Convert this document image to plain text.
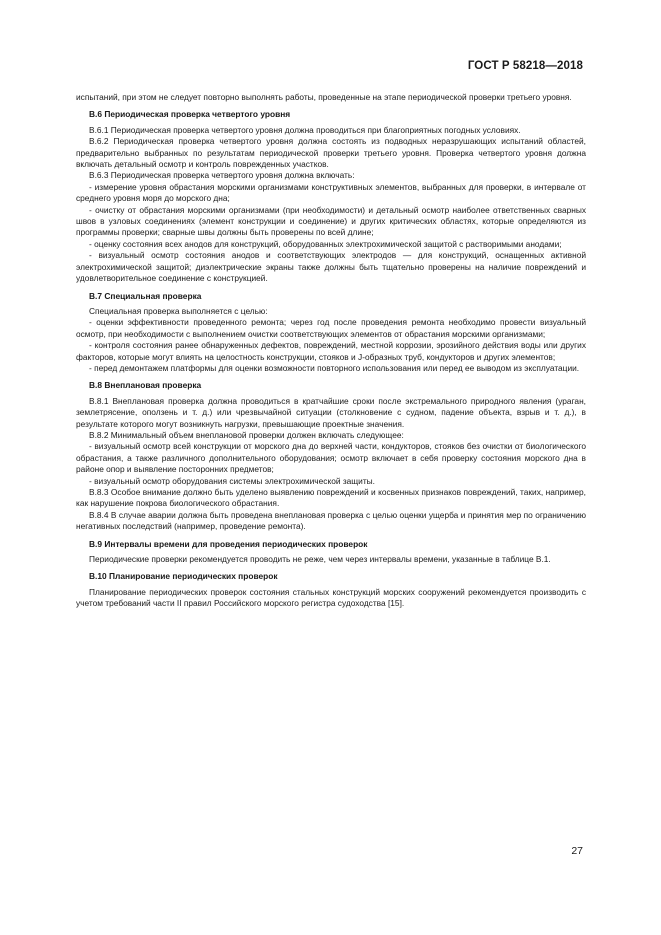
ГОСТ Р 58218—2018

испытаний, при этом не следует повторно выполнять работы, проведенные на этапе периодической проверки третьего уровня.

В.6 Периодическая проверка четвертого уровня

В.6.1 Периодическая проверка четвертого уровня должна проводиться при благоприятных погодных условиях.

В.6.2 Периодическая проверка четвертого уровня должна состоять из подводных неразрушающих испытаний областей, предварительно выбранных по результатам периодической проверки третьего уровня. Проверка четвертого уровня должна включать детальный осмотр и контроль поврежденных участков.

В.6.3 Периодическая проверка четвертого уровня должна включать:

- измерение уровня обрастания морскими организмами конструктивных элементов, выбранных для проверки, в интервале от среднего уровня моря до морского дна;

- очистку от обрастания морскими организмами (при необходимости) и детальный осмотр наиболее ответственных сварных швов в узловых соединениях (элемент конструкции и соединение) и других критических областях, которые определяются из программы проверки; сварные швы должны быть проверены по всей длине;

- оценку состояния всех анодов для конструкций, оборудованных электрохимической защитой с растворимыми анодами;

- визуальный осмотр состояния анодов и соответствующих электродов — для конструкций, оснащенных активной электрохимической защитой; диэлектрические экраны также должны быть тщательно проверены на наличие повреждений и удовлетворительное соединение с конструкцией.

В.7 Специальная проверка

Специальная проверка выполняется с целью:

- оценки эффективности проведенного ремонта; через год после проведения ремонта необходимо провести визуальный осмотр, при необходимости с выполнением очистки соответствующих элементов от обрастания морскими организмами;

- контроля состояния ранее обнаруженных дефектов, повреждений, местной коррозии, эрозийного действия воды или других факторов, которые могут влиять на целостность конструкции, стояков и J-образных труб, кондукторов и других элементов;

- перед демонтажем платформы для оценки возможности повторного использования или перед ее выводом из эксплуатации.

В.8 Внеплановая проверка

В.8.1 Внеплановая проверка должна проводиться в кратчайшие сроки после экстремального природного явления (ураган, землетрясение, оползень и т. д.) или чрезвычайной ситуации (столкновение с судном, падение объекта, взрыв и т. д.), в результате которого могут возникнуть нагрузки, превышающие проектные значения.

В.8.2 Минимальный объем внеплановой проверки должен включать следующее:

- визуальный осмотр всей конструкции от морского дна до верхней части, кондукторов, стояков без очистки от биологического обрастания, а также различного дополнительного оборудования; осмотр включает в себя проверку состояния морского дна в районе опор и выявление посторонних предметов;

- визуальный осмотр оборудования системы электрохимической защиты.

В.8.3 Особое внимание должно быть уделено выявлению повреждений и косвенных признаков повреждений, таких, например, как нарушение покрова биологического обрастания.

В.8.4 В случае аварии должна быть проведена внеплановая проверка с целью оценки ущерба и принятия мер по ограничению негативных последствий (например, проведение ремонта).

В.9 Интервалы времени для проведения периодических проверок

Периодические проверки рекомендуется проводить не реже, чем через интервалы времени, указанные в таблице В.1.

В.10 Планирование периодических проверок

Планирование периодических проверок состояния стальных конструкций морских сооружений рекомендуется производить с учетом требований части II правил Российского морского регистра судоходства [15].

27
